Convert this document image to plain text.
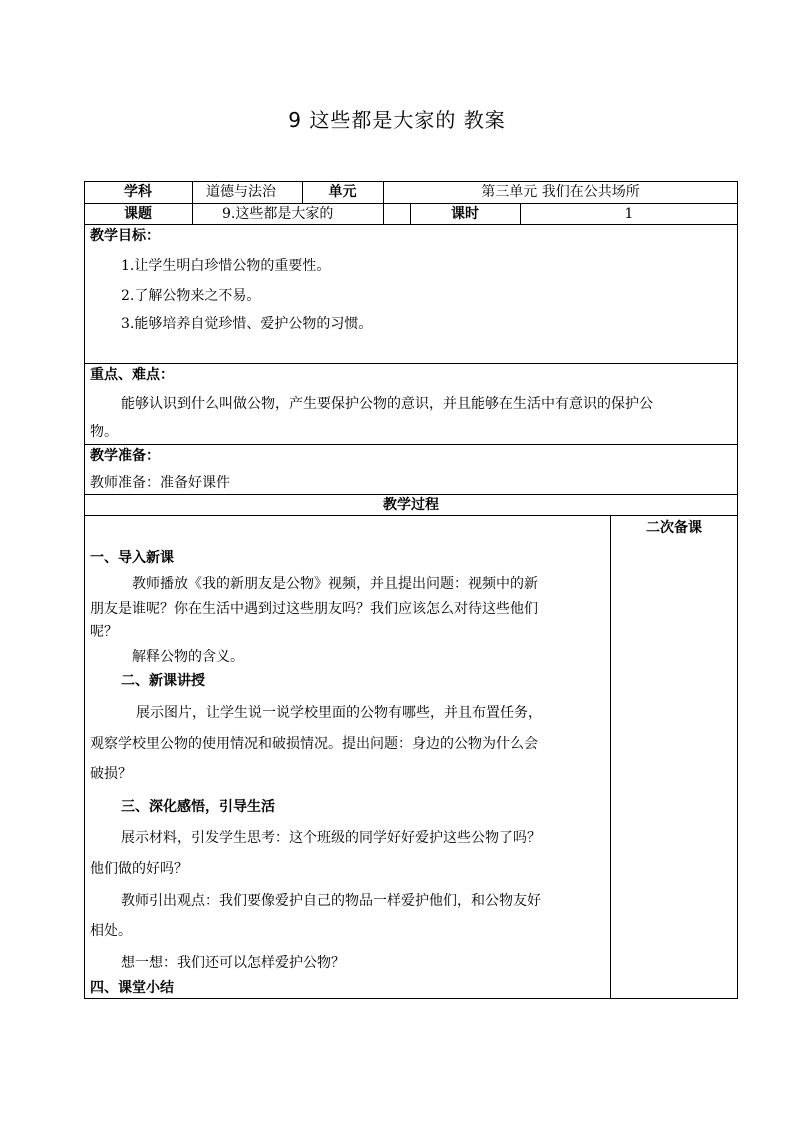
9 这些都是大家的 教案
学科	道德与法治	单元	第三单元 我们在公共场所
课题	9.这些都是大家的	课时	1
教学目标：
1.让学生明白珍惜公物的重要性。
2.了解公物来之不易。
3.能够培养自觉珍惜、爱护公物的习惯。
重点、难点：
能够认识到什么叫做公物，产生要保护公物的意识，并且能够在生活中有意识的保护公
物。
教学准备：
教师准备：准备好课件
教学过程
二次备课
一、导入新课
教师播放《我的新朋友是公物》视频，并且提出问题：视频中的新
朋友是谁呢？你在生活中遇到过这些朋友吗？我们应该怎么对待这些他们
呢？
解释公物的含义。
二、新课讲授
展示图片，让学生说一说学校里面的公物有哪些，并且布置任务，
观察学校里公物的使用情况和破损情况。提出问题：身边的公物为什么会
破损？
三、深化感悟，引导生活
展示材料，引发学生思考：这个班级的同学好好爱护这些公物了吗？
他们做的好吗？
教师引出观点：我们要像爱护自己的物品一样爱护他们，和公物友好
相处。
想一想：我们还可以怎样爱护公物？
四、课堂小结
